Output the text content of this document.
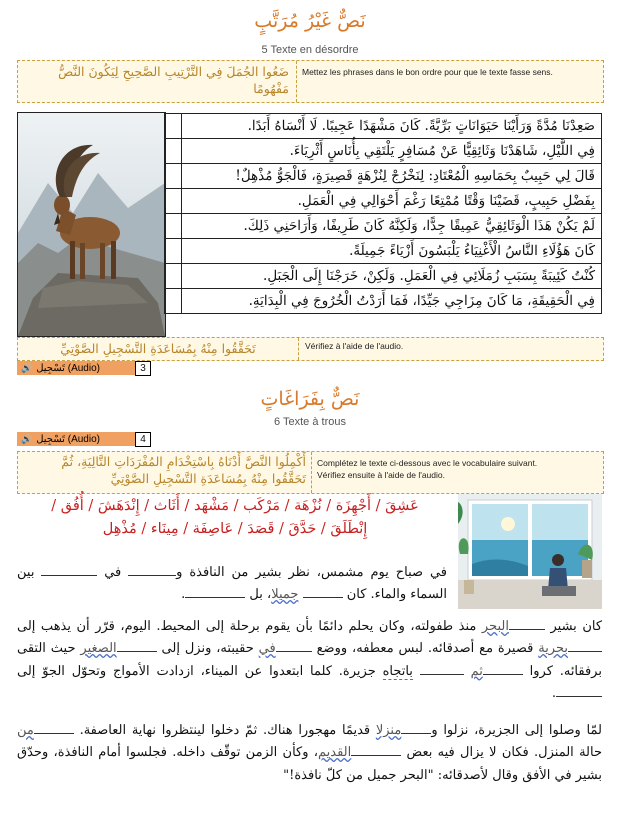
نَصٌّ غَيْرُ مُرَتَّبٍ
5 Texte en désordre
ضَعُوا الجُمَلَ فِي التَّرْتِيبِ الصَّحِيحِ لِيَكُونَ النَّصُّ مَفْهُومًا
Mettez les phrases dans le bon ordre pour que le texte fasse sens.
صَعِدْنَا مُدَّةً وَرَأَيْنَا حَيَوَانَاتٍ بَرِّيَّةً. كَانَ مَشْهَدًا عَجِيبًا. لَا أَنْسَاهُ أَبَدًا.	
فِي اللَّيْلِ، شَاهَدْنَا وَثَائِقِيًّا عَنْ مُسَافِرٍ يَلْتَقِي بِأُنَاسٍ أَثْرِيَاءَ.	
قَالَ لِي حَبِيبٌ بِحَمَاسِهِ الْمُعْتَادِ: لِنَخْرُجْ لِنُزْهَةٍ قَصِيرَةٍ، فَالْجَوُّ مُذْهِلٌ!	
بِفَضْلِ حَبِيبٍ، قَضَيْنَا وَقْتًا مُمْتِعًا رَغْمَ أَحْوَالِي فِي الْعَمَلِ.	
لَمْ يَكُنْ هَذَا الْوَثَائِقِيُّ عَمِيقًا جِدًّا، وَلَكِنَّهُ كَانَ طَرِيفًا، وَأَرَاحَنِي ذَلِكَ.	
كَانَ هَؤُلَاءِ النَّاسُ الْأَغْنِيَاءُ يَلْبَسُونَ أَزْيَاءً جَمِيلَةً.	
كُنْتُ كَئِيبَةً بِسَبَبِ زُمَلَائِي فِي الْعَمَلِ. وَلَكِنْ، خَرَجْنَا إِلَى الْجَبَلِ.	
فِي الْحَقِيقَةِ، مَا كَانَ مِزَاجِي جَيِّدًا، فَمَا أَرَدْتُ الْخُرُوجَ فِي الْبِدَايَةِ.	
تَحَقَّقُوا مِنْهُ بِمُسَاعَدَةِ التَّسْجِيلِ الصَّوْتِيِّ	Vérifiez à l'aide de l'audio.
🔊 تَسْجِيل (Audio)	3
نَصٌّ بِفَرَاغَاتٍ
6 Texte à trous
🔊 تَسْجِيل (Audio)	4
أَكْمِلُوا النَّصَّ أَدْنَاهُ بِاسْتِخْدَامِ المُفْرَدَاتِ التَّالِيَةِ، ثُمَّ تَحَقَّقُوا مِنْهُ بِمُسَاعَدَةِ التَّسْجِيلِ الصَّوْتِيِّ
Complétez le texte ci-dessous avec le vocabulaire suivant.
Vérifiez ensuite à l'aide de l'audio.
عَشِقَ / أَجْهِزَة / نُزْهَة / مَرْكَب / مَشْهَد / أَثَاث / إِنْدَهَشَ / أُفُق /
إِنْطَلَقَ / حَدَّقَ / قَصَدَ / عَاصِفَة / مِينَاء / مُذْهِل
في صباح يوم مشمس، نظر بشير من النافذة و في  بين السماء والماء. كان  جميلا، بل .
كان بشير البحر منذ طفولته، وكان يحلم دائمًا بأن يقوم برحلة إلى المحيط. اليوم، قرّر أن يذهب إلى بحرية قصيرة مع أصدقائه. لبس معطفه، ووضع في حقيبته، ونزل إلى الصغير حيث التقى برفقائه. كروا ثم  باتجاه جزيرة. كلما ابتعدوا عن الميناء، ازدادت الأمواج وتحوّل الجوّ إلى .
لمّا وصلوا إلى الجزيرة، نزلوا ومنزلا قديمًا مهجورا هناك. ثمّ دخلوا لينتظروا نهاية العاصفة. من حالة المنزل. فكان لا يزال فيه بعض القديم، وكأن الزمن توقّف داخله. فجلسوا أمام النافذة، وحدّق بشير في الأفق وقال لأصدقائه: "البحر جميل من كلّ نافذة!"
